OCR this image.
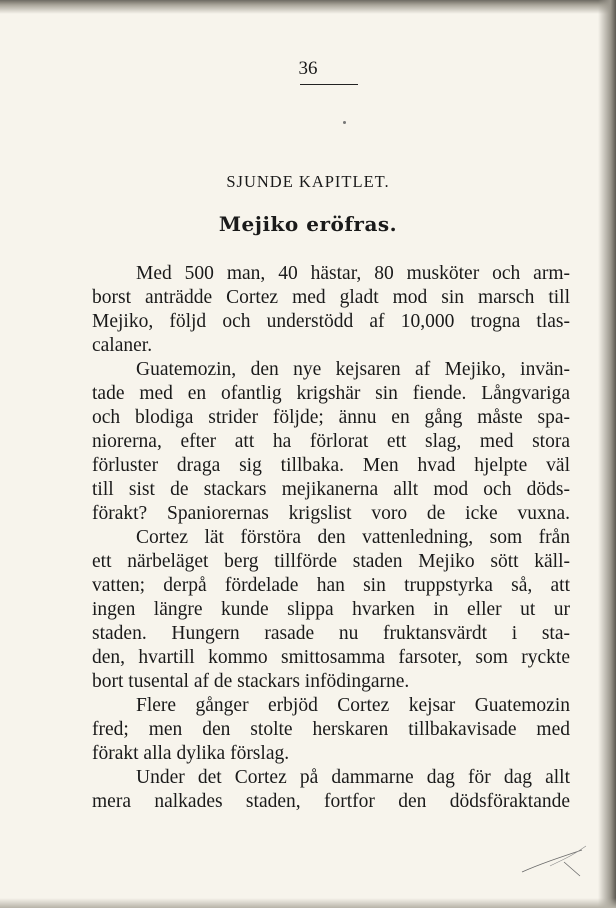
36
SJUNDE KAPITLET.
Mejiko eröfras.
Med 500 man, 40 hästar, 80 musköter och arm-
borst anträdde Cortez med gladt mod sin marsch till
Mejiko, följd och understödd af 10,000 trogna tlas-
calaner.
Guatemozin, den nye kejsaren af Mejiko, invän-
tade med en ofantlig krigshär sin fiende. Långvariga
och blodiga strider följde; ännu en gång måste spa-
niorerna, efter att ha förlorat ett slag, med stora
förluster draga sig tillbaka. Men hvad hjelpte väl
till sist de stackars mejikanerna allt mod och döds-
förakt? Spaniorernas krigslist voro de icke vuxna.
Cortez lät förstöra den vattenledning, som från
ett närbeläget berg tillförde staden Mejiko sött käll-
vatten; derpå fördelade han sin truppstyrka så, att
ingen längre kunde slippa hvarken in eller ut ur
staden. Hungern rasade nu fruktansvärdt i sta-
den, hvartill kommo smittosamma farsoter, som ryckte
bort tusental af de stackars infödingarne.
Flere gånger erbjöd Cortez kejsar Guatemozin
fred; men den stolte herskaren tillbakavisade med
förakt alla dylika förslag.
Under det Cortez på dammarne dag för dag allt
mera nalkades staden, fortfor den dödsföraktande
